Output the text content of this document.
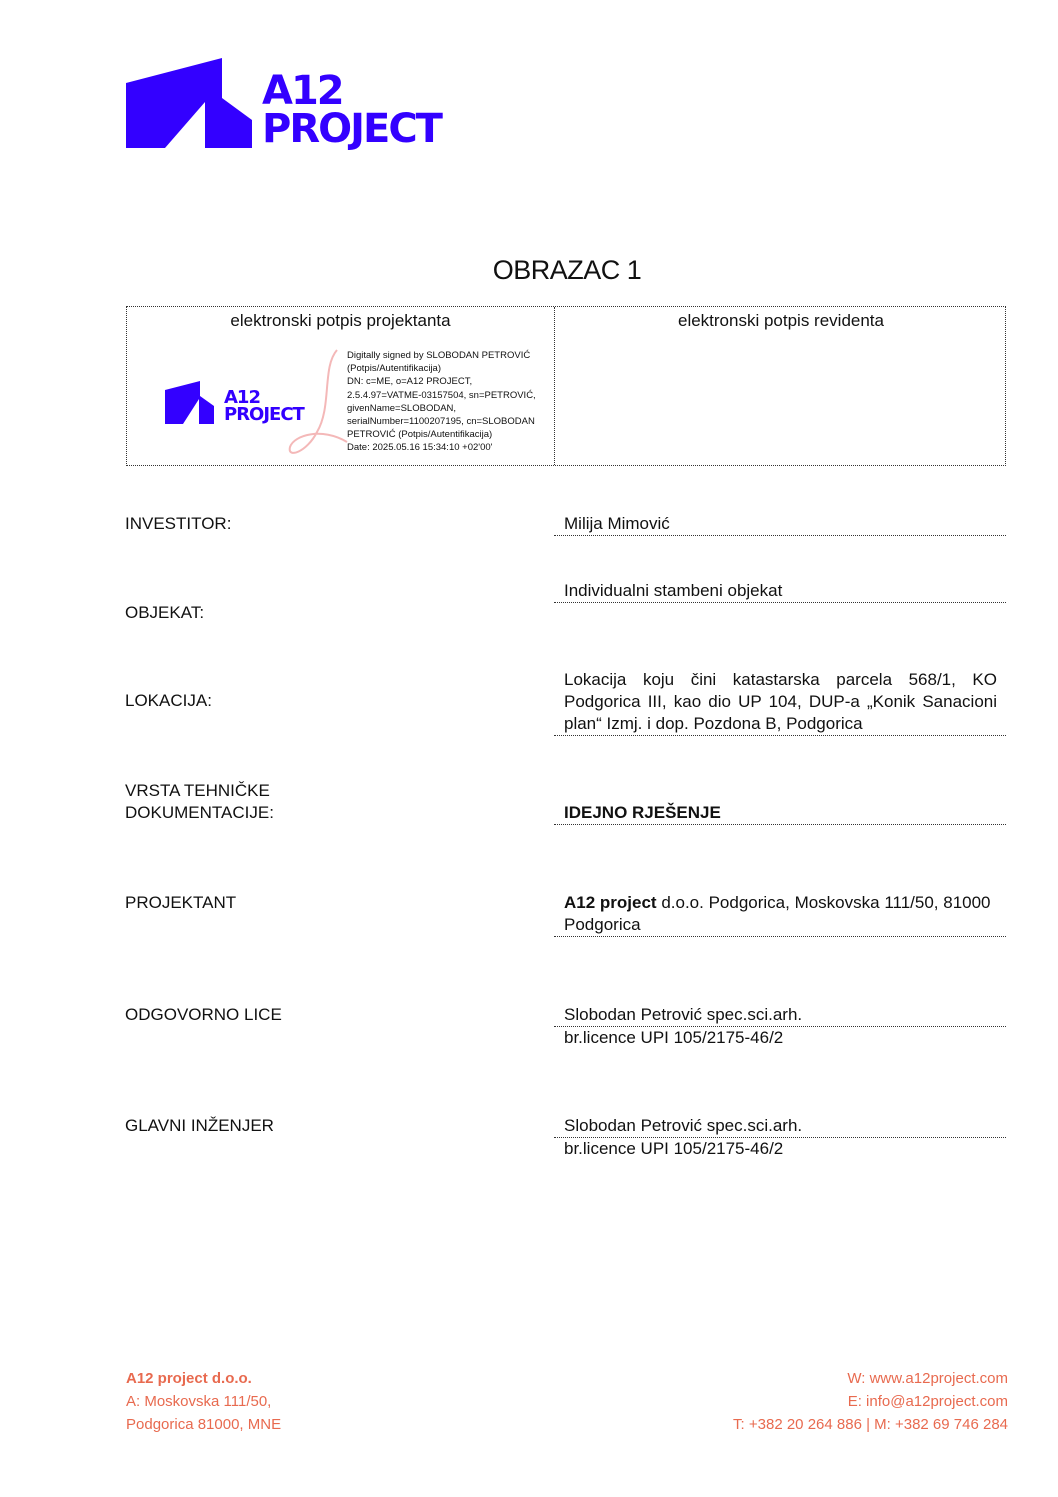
A12
PROJECT
OBRAZAC 1
elektronski potpis projektanta	elektronski potpis revidenta
A12
PROJECT
Digitally signed by SLOBODAN PETROVIĆ
(Potpis/Autentifikacija)
DN: c=ME, o=A12 PROJECT,
2.5.4.97=VATME-03157504, sn=PETROVIĆ,
givenName=SLOBODAN,
serialNumber=1100207195, cn=SLOBODAN
PETROVIĆ (Potpis/Autentifikacija)
Date: 2025.05.16 15:34:10 +02'00'
INVESTITOR:	Milija Mimović
OBJEKAT:
Individualni stambeni objekat
LOKACIJA:
Lokacija koju čini katastarska parcela 568/1, KO
Podgorica III, kao dio UP 104, DUP-a „Konik Sanacioni
plan“ Izmj. i dop. Pozdona B, Podgorica
VRSTA TEHNIČKE
DOKUMENTACIJE:	IDEJNO RJEŠENJE
PROJEKTANT	A12 project d.o.o. Podgorica, Moskovska 111/50, 81000
Podgorica
ODGOVORNO LICE	Slobodan Petrović spec.sci.arh.
br.licence UPI 105/2175-46/2
GLAVNI INŽENJER	Slobodan Petrović spec.sci.arh.
br.licence UPI 105/2175-46/2
A12 project d.o.o.
A: Moskovska 111/50,
Podgorica 81000, MNE
W: www.a12project.com
E: info@a12project.com
T: +382 20 264 886 | M: +382 69 746 284
